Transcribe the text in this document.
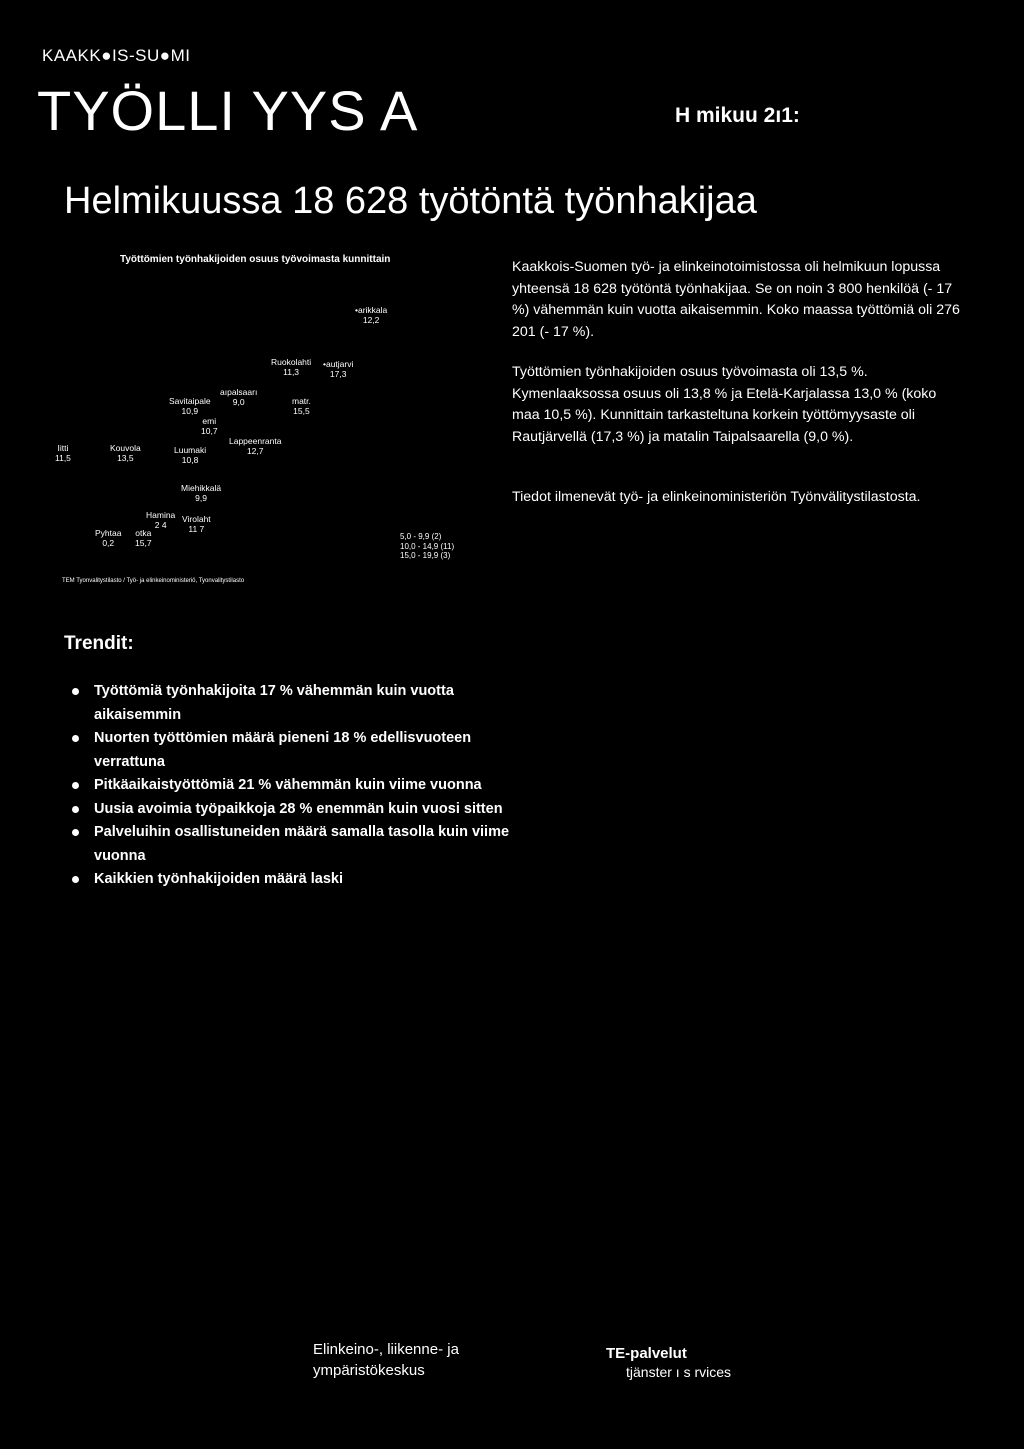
KAAKK●IS-SU●MI
TYÖLLI YYS A	H mikuu 2ı1:
Helmikuussa 18 628 työtöntä työnhakijaa
Työttömien työnhakijoiden osuus työvoimasta kunnittain
•arikkala
12,2
Ruokolahti
11,3
•autjarvi
17,3
aıpalsaarı
9,0
Savitaipale
10,9
matr.
15,5
emi
10,7
Lappeenranta
12,7
Iitti
11,5
Kouvola
13,5
Luumaki
10,8
Miehikkalä
9,9
Hamina
2 4
Virolaht
11 7
Pyhtaa
0,2
otka
15,7
5,0 - 9,9 (2)
10,0 - 14,9 (11)
15,0 - 19,9 (3)
TEM Tyonvalitystilasto / Työ- ja elinkeinoministeriö, Tyonvalitystilasto
Kaakkois-Suomen työ- ja elinkeinotoimistossa oli helmikuun lopussa yhteensä 18 628 työtöntä työnhakijaa. Se on noin 3 800 henkilöä (- 17 %) vähemmän kuin vuotta aikaisemmin. Koko maassa työttömiä oli 276 201 (- 17 %).
Työttömien työnhakijoiden osuus työvoimasta oli 13,5 %. Kymenlaaksossa osuus oli 13,8 % ja Etelä-Karjalassa 13,0 % (koko maa 10,5 %). Kunnittain tarkasteltuna korkein työttömyysaste oli Rautjärvellä (17,3 %) ja matalin Taipalsaarella (9,0 %).
Tiedot ilmenevät työ- ja elinkeinoministeriön Työnvälitystilastosta.
Trendit:
Työttömiä työnhakijoita 17 % vähemmän kuin vuotta aikaisemmin
Nuorten työttömien määrä pieneni 18 % edellisvuoteen verrattuna
Pitkäaikaistyöttömiä 21 % vähemmän kuin viime vuonna
Uusia avoimia työpaikkoja 28 % enemmän kuin vuosi sitten
Palveluihin osallistuneiden määrä samalla tasolla kuin viime vuonna
Kaikkien työnhakijoiden määrä laski
Elinkeino-, liikenne- ja
ympäristökeskus
TE-palvelut
tjänster ı s rvices
